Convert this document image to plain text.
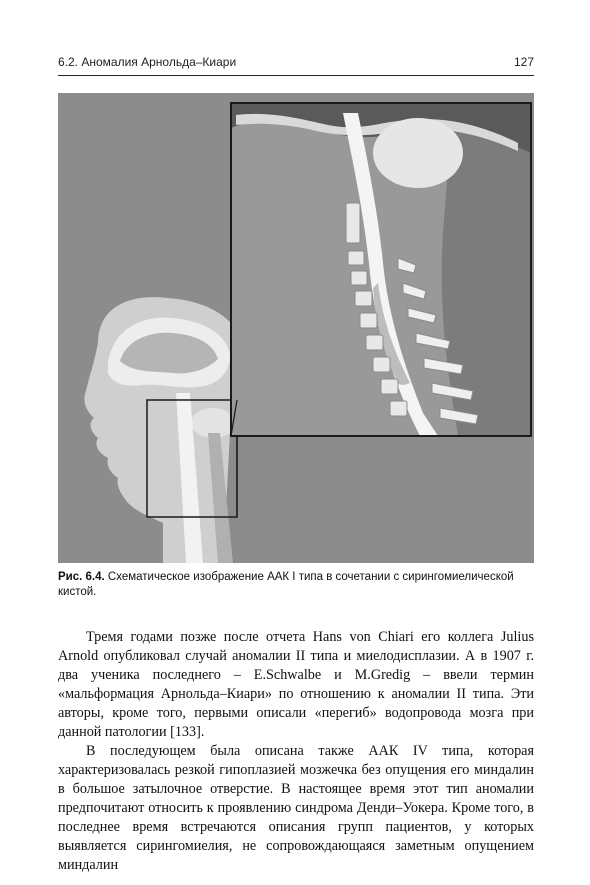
6.2. Аномалия Арнольда–Киари	127
Рис. 6.4. Схематическое изображение ААК I типа в сочетании с сирингомиелической кистой.

Тремя годами позже после отчета Hans von Chiari его коллега Julius Arnold опубликовал случай аномалии II типа и миелодисплазии. А в 1907 г. два ученика последнего – E.Schwalbe и M.Gredig – ввели термин «мальформация Арнольда–Киари» по отношению к аномалии II типа. Эти авторы, кроме того, первыми описали «перегиб» водопровода мозга при данной патологии [133].

В последующем была описана также ААК IV типа, которая характеризовалась резкой гипоплазией мозжечка без опущения его миндалин в большое затылочное отверстие. В настоящее время этот тип аномалии предпочитают относить к проявлению синдрома Денди–Уокера. Кроме того, в последнее время встречаются описания групп пациентов, у которых выявляется сирингомиелия, не сопровождающаяся заметным опущением миндалин
